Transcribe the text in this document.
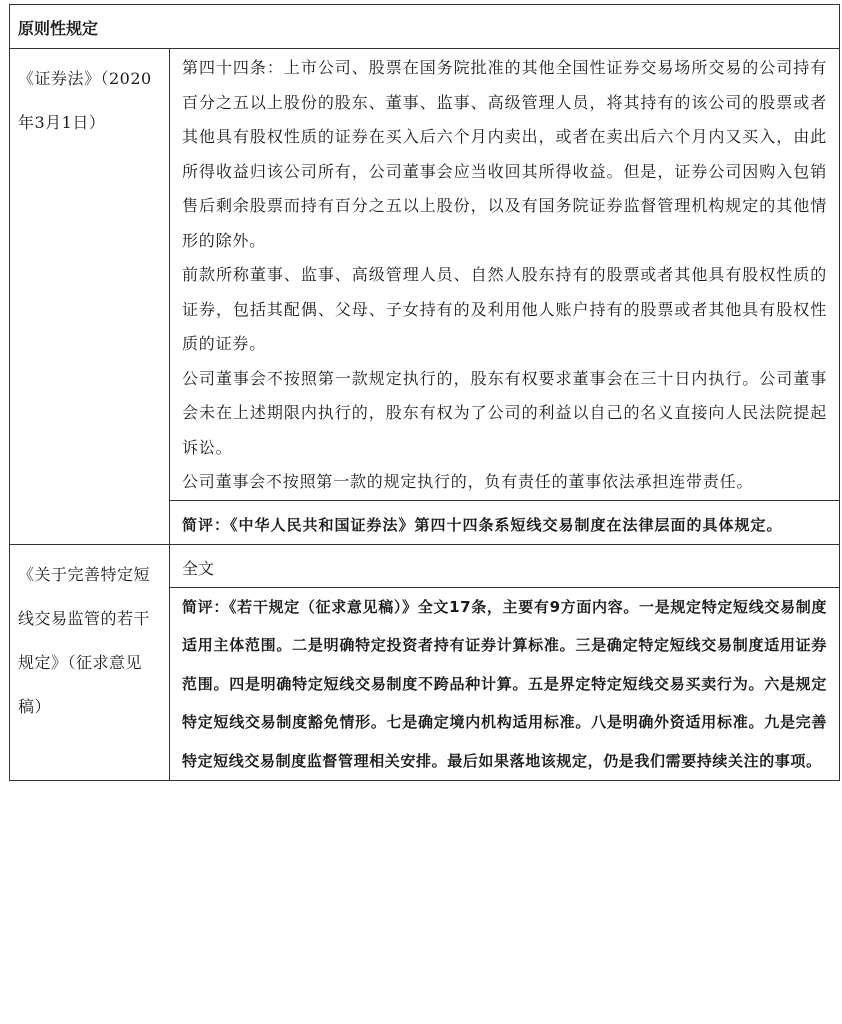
原则性规定	
《证券法》（2020年3月1日）	第四十四条：上市公司、股票在国务院批准的其他全国性证券交易场所交易的公司持有百分之五以上股份的股东、董事、监事、高级管理人员，将其持有的该公司的股票或者其他具有股权性质的证券在买入后六个月内卖出，或者在卖出后六个月内又买入，由此所得收益归该公司所有，公司董事会应当收回其所得收益。但是，证券公司因购入包销售后剩余股票而持有百分之五以上股份，以及有国务院证券监督管理机构规定的其他情形的除外。

前款所称董事、监事、高级管理人员、自然人股东持有的股票或者其他具有股权性质的证券，包括其配偶、父母、子女持有的及利用他人账户持有的股票或者其他具有股权性质的证券。

公司董事会不按照第一款规定执行的，股东有权要求董事会在三十日内执行。公司董事会未在上述期限内执行的，股东有权为了公司的利益以自己的名义直接向人民法院提起诉讼。

公司董事会不按照第一款的规定执行的，负有责任的董事依法承担连带责任。

	简评：《中华人民共和国证券法》第四十四条系短线交易制度在法律层面的具体规定。

《关于完善特定短线交易监管的若干规定》（征求意见稿）	全文

	简评：《若干规定（征求意见稿）》全文17条，主要有9方面内容。一是规定特定短线交易制度适用主体范围。二是明确特定投资者持有证券计算标准。三是确定特定短线交易制度适用证券范围。四是明确特定短线交易制度不跨品种计算。五是界定特定短线交易买卖行为。六是规定特定短线交易制度豁免情形。七是确定境内机构适用标准。八是明确外资适用标准。九是完善特定短线交易制度监督管理相关安排。最后如果落地该规定，仍是我们需要持续关注的事项。
